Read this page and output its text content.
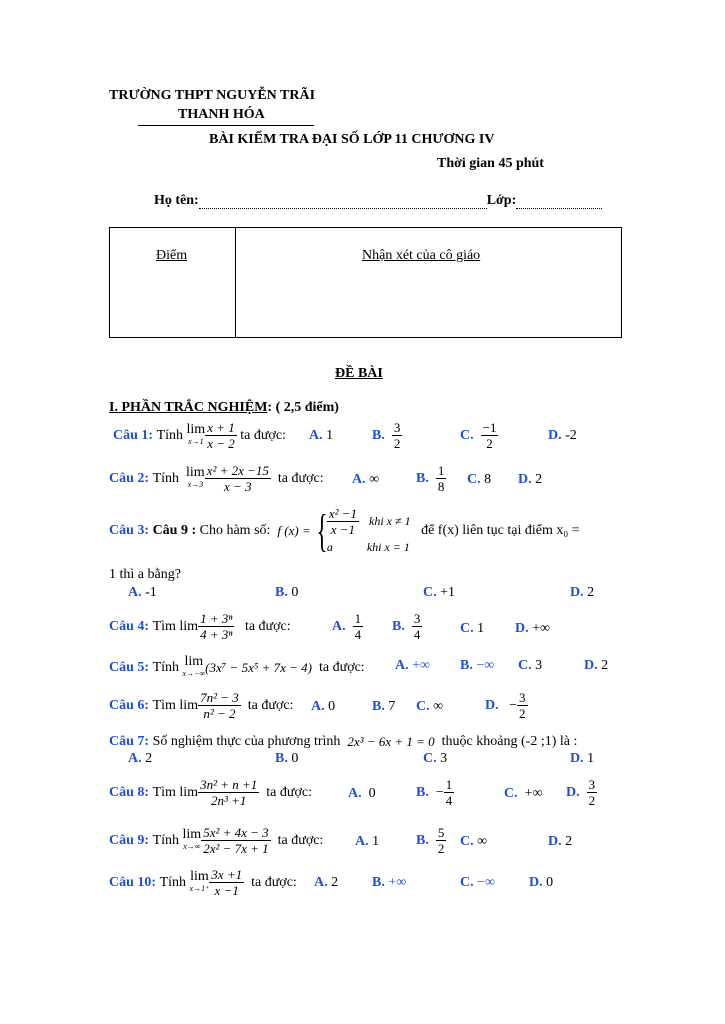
TRƯỜNG THPT NGUYỄN TRÃI
THANH HÓA
BÀI KIỂM TRA ĐẠI SỐ LỚP 11 CHƯƠNG IV
Thời gian 45 phút
Họ tên:	Lớp:
Điểm	Nhận xét của cô giáo
ĐỀ BÀI
I. PHẦN TRẮC NGHIỆM: ( 2,5 điểm)
Câu 1:
Tính
lim
$x\to 1 \frac{x + 1}{x - 2}$
ta được: A.
1	B.
$\frac{3}{2}$	C.
$\frac{-1}{2}$	D.
-2
Câu 2:
Tính
lim
$x\to 3 \frac{\text{x² + 2x −15}}{x - 3}$
ta được: A.
∞	B.
$\frac{1}{8} C$.
8 D.
2
Câu 3:
Câu 9 :
Cho hàm số:
f (x) = { $\frac{\text{x² −1}}{x -1}$ khi x ≠ 1
a	khi x = 1

để f(x) liên tục tại điểm x₀ =
1 thì a bằng?
A.
-1	B.
0	C.
+1	D.
2
Câu 4:
Tìm
$\lim \frac{\text{1 + 3ⁿ}}{\text{4 + 3ⁿ}}$
ta được:	A.
$\frac{1}{4} B$.
$\frac{3}{4}$	C.
1 D.
+∞
Câu 5:
Tính
lim
x→−∞ (3x⁷ − 5x⁵ + 7x − 4)
ta được: A.
+∞ B.
−∞ C.
3	D.
2
Câu 6:
Tìm
$\lim \frac{\text{7n² − 3}}{\text{n² − 2}}$
ta được: A.
0	B.
7 C.
∞	D.
− $\frac{3}{2}$
Câu 7:
Số nghiệm thực của phương trình
2x³ − 6x + 1 = 0
thuộc khoảng (-2 ;1) là :
A.
2	B.
0	C.
3	D.
1
Câu 8:
Tìm
$\lim \frac{\text{3n² + n +1}}{\text{2n³ +1}}$
ta được:	A.
0	B.
− $\frac{1}{4}$	C.
+∞ D.
$\frac{3}{2}$
Câu 9:
Tính
lim
$x\to\infty \frac{\text{5x² + 4x − 3}}{\text{2x² − 7x + 1}}$
ta được: A.
1	B.
$\frac{5}{2} C$.
∞	D.
2
Câu 10:
Tính
lim
$x\to 1^+ \frac{3x +1}{x -1}$
ta được: A.
2 B.
+∞	C.
−∞ D.
0
